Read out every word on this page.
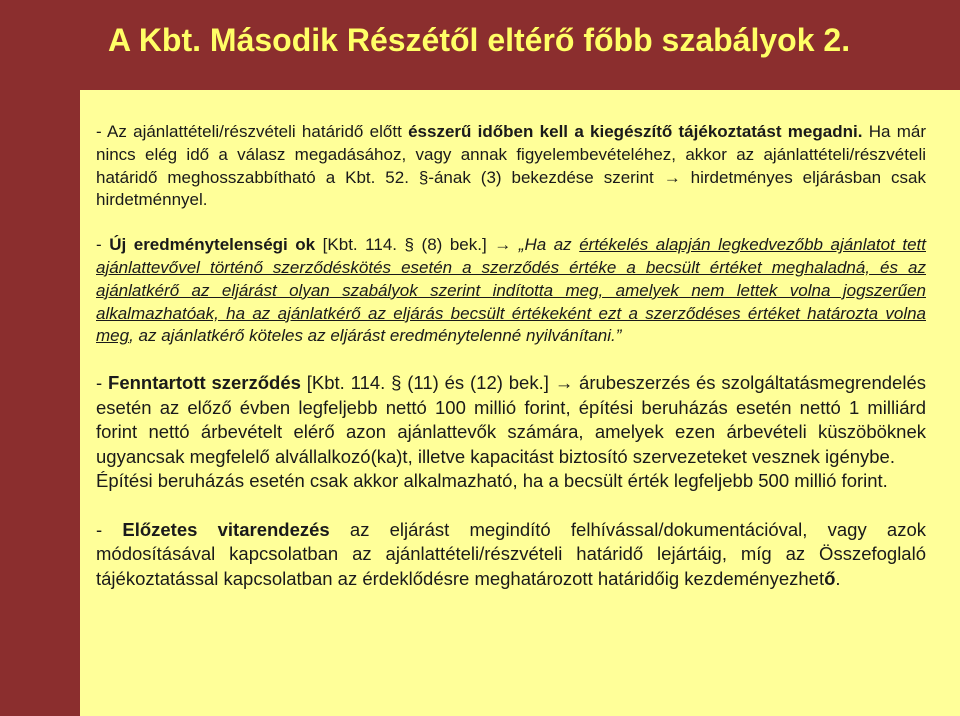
A Kbt. Második Részétől eltérő főbb szabályok 2.

- Az ajánlattételi/részvételi határidő előtt ésszerű időben kell a kiegészítő tájékoztatást megadni. Ha már nincs elég idő a válasz megadásához, vagy annak figyelembevételéhez, akkor az ajánlattételi/részvételi határidő meghosszabbítható a Kbt. 52. §-ának (3) bekezdése szerint → hirdetményes eljárásban csak hirdetménnyel.

- Új eredménytelenségi ok [Kbt. 114. § (8) bek.] → „Ha az értékelés alapján legkedvezőbb ajánlatot tett ajánlattevővel történő szerződéskötés esetén a szerződés értéke a becsült értéket meghaladná, és az ajánlatkérő az eljárást olyan szabályok szerint indította meg, amelyek nem lettek volna jogszerűen alkalmazhatóak, ha az ajánlatkérő az eljárás becsült értékeként ezt a szerződéses értéket határozta volna meg, az ajánlatkérő köteles az eljárást eredménytelenné nyilvánítani.”

- Fenntartott szerződés [Kbt. 114. § (11) és (12) bek.] → árubeszerzés és szolgáltatásmegrendelés esetén az előző évben legfeljebb nettó 100 millió forint, építési beruházás esetén nettó 1 milliárd forint nettó árbevételt elérő azon ajánlattevők számára, amelyek ezen árbevételi küszöböknek ugyancsak megfelelő alvállalkozó(ka)t, illetve kapacitást biztosító szervezeteket vesznek igénybe.

Építési beruházás esetén csak akkor alkalmazható, ha a becsült érték legfeljebb 500 millió forint.

- Előzetes vitarendezés az eljárást megindító felhívással/dokumentációval, vagy azok módosításával kapcsolatban az ajánlattételi/részvételi határidő lejártáig, míg az Összefoglaló tájékoztatással kapcsolatban az érdeklődésre meghatározott határidőig kezdeményezhető.
